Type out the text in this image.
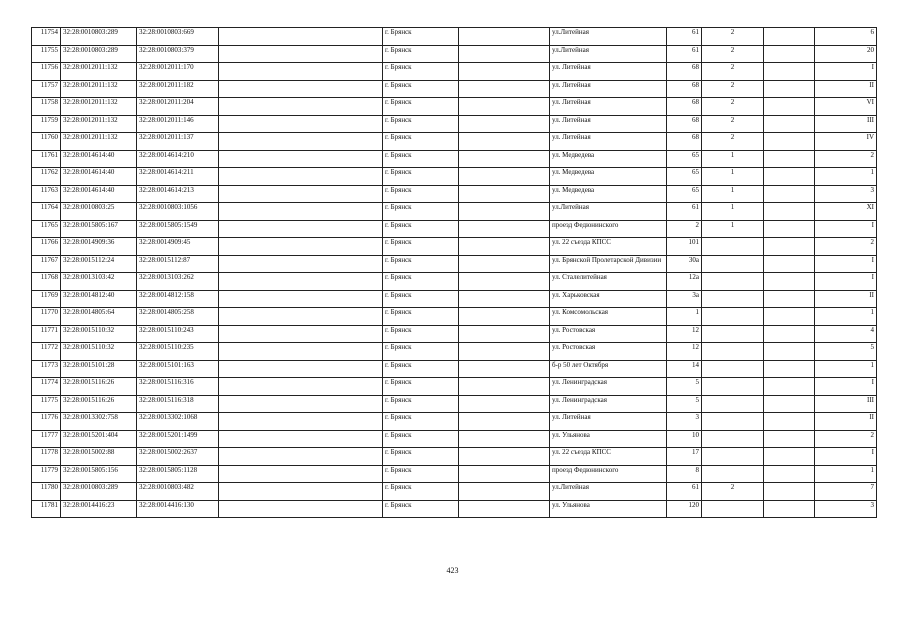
11754	32:28:0010803:289	32:28:0010803:669		г. Брянск		ул.Литейная	61	2		6
11755	32:28:0010803:289	32:28:0010803:379		г. Брянск		ул.Литейная	61	2		20
11756	32:28:0012011:132	32:28:0012011:170		г. Брянск		ул. Литейная	68	2		I
11757	32:28:0012011:132	32:28:0012011:182		г. Брянск		ул. Литейная	68	2		II
11758	32:28:0012011:132	32:28:0012011:204		г. Брянск		ул. Литейная	68	2		VI
11759	32:28:0012011:132	32:28:0012011:146		г. Брянск		ул. Литейная	68	2		III
11760	32:28:0012011:132	32:28:0012011:137		г. Брянск		ул. Литейная	68	2		IV
11761	32:28:0014614:40	32:28:0014614:210		г. Брянск		ул. Медведева	65	1		2
11762	32:28:0014614:40	32:28:0014614:211		г. Брянск		ул. Медведева	65	1		1
11763	32:28:0014614:40	32:28:0014614:213		г. Брянск		ул. Медведева	65	1		3
11764	32:28:0010803:25	32:28:0010803:1056		г. Брянск		ул.Литейная	61	1		XI
11765	32:28:0015805:167	32:28:0015805:1549		г. Брянск		проезд Федюнинского	2	1		I
11766	32:28:0014909:36	32:28:0014909:45		г. Брянск		ул. 22 съезда КПСС	101			2
11767	32:28:0015112:24	32:28:0015112:87		г. Брянск		ул. Брянской Пролетарской Дивизии	30а			I
11768	32:28:0013103:42	32:28:0013103:262		г. Брянск		ул. Сталелитейная	12а			I
11769	32:28:0014812:40	32:28:0014812:158		г. Брянск		ул. Харьковская	3а			II
11770	32:28:0014805:64	32:28:0014805:258		г. Брянск		ул. Комсомольская	1			1
11771	32:28:0015110:32	32:28:0015110:243		г. Брянск		ул. Ростовская	12			4
11772	32:28:0015110:32	32:28:0015110:235		г. Брянск		ул. Ростовская	12			5
11773	32:28:0015101:28	32:28:0015101:163		г. Брянск		б-р 50 лет Октября	14			1
11774	32:28:0015116:26	32:28:0015116:316		г. Брянск		ул. Ленинградская	5			I
11775	32:28:0015116:26	32:28:0015116:318		г. Брянск		ул. Ленинградская	5			III
11776	32:28:0013302:758	32:28:0013302:1068		г. Брянск		ул. Литейная	3			II
11777	32:28:0015201:404	32:28:0015201:1499		г. Брянск		ул. Ульянова	10			2
11778	32:28:0015002:88	32:28:0015002:2637		г. Брянск		ул. 22 съезда КПСС	17			I
11779	32:28:0015805:156	32:28:0015805:1128		г. Брянск		проезд Федюнинского	8			1
11780	32:28:0010803:289	32:28:0010803:482		г. Брянск		ул.Литейная	61	2		7
11781	32:28:0014416:23	32:28:0014416:130		г. Брянск		ул. Ульянова	120			3
423
